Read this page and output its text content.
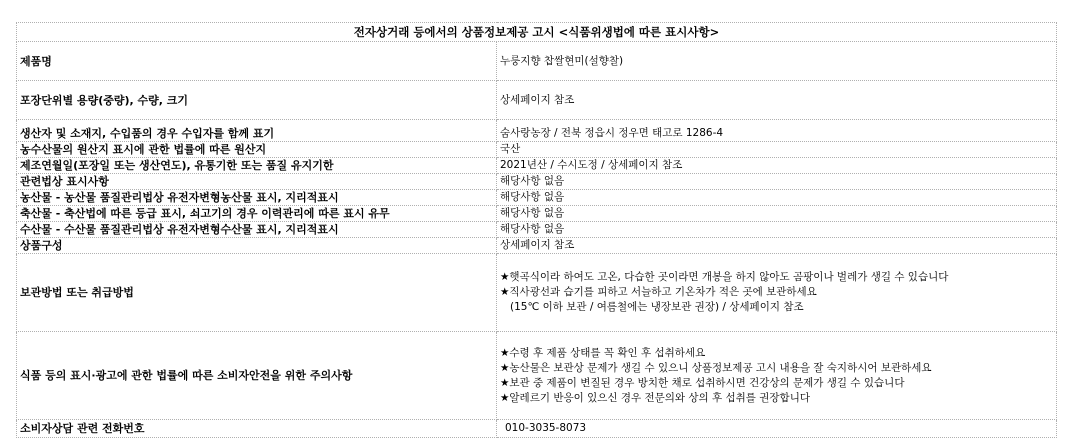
전자상거래 등에서의 상품정보제공 고시 <식품위생법에 따른 표시사항>	
제품명	누룽지향 찹쌀현미(설향찰)
포장단위별 용량(중량), 수량, 크기	상세페이지 참조
생산자 및 소재지, 수입품의 경우 수입자를 함께 표기	숨사랑농장 / 전북 정읍시 정우면 태고로 1286-4
농수산물의 원산지 표시에 관한 법률에 따른 원산지	국산
제조연월일(포장일 또는 생산연도), 유통기한 또는 품질 유지기한	2021년산 / 수시도정 / 상세페이지 참조
관련법상 표시사항	해당사항 없음
농산물 - 농산물 품질관리법상 유전자변형농산물 표시, 지리적표시	해당사항 없음
축산물 - 축산법에 따른 등급 표시, 쇠고기의 경우 이력관리에 따른 표시 유무	해당사항 없음
수산물 - 수산물 품질관리법상 유전자변형수산물 표시, 지리적표시	해당사항 없음
상품구성	상세페이지 참조
보관방법 또는 취급방법	★햇곡식이라 하여도 고온, 다습한 곳이라면 개봉을 하지 않아도 곰팡이나 벌레가 생길 수 있습니다
★직사광선과 습기를 피하고 서늘하고 기온차가 적은 곳에 보관하세요
(15℃ 이하 보관 / 여름철에는 냉장보관 권장) / 상세페이지 참조

식품 등의 표시·광고에 관한 법률에 따른 소비자안전을 위한 주의사항	★수령 후 제품 상태를 꼭 확인 후 섭취하세요
★농산물은 보관상 문제가 생길 수 있으니 상품정보제공 고시 내용을 잘 숙지하시어 보관하세요
★보관 중 제품이 변질된 경우 방치한 채로 섭취하시면 건강상의 문제가 생길 수 있습니다
★알레르기 반응이 있으신 경우 전문의와 상의 후 섭취를 권장합니다

소비자상담 관련 전화번호	010-3035-8073
